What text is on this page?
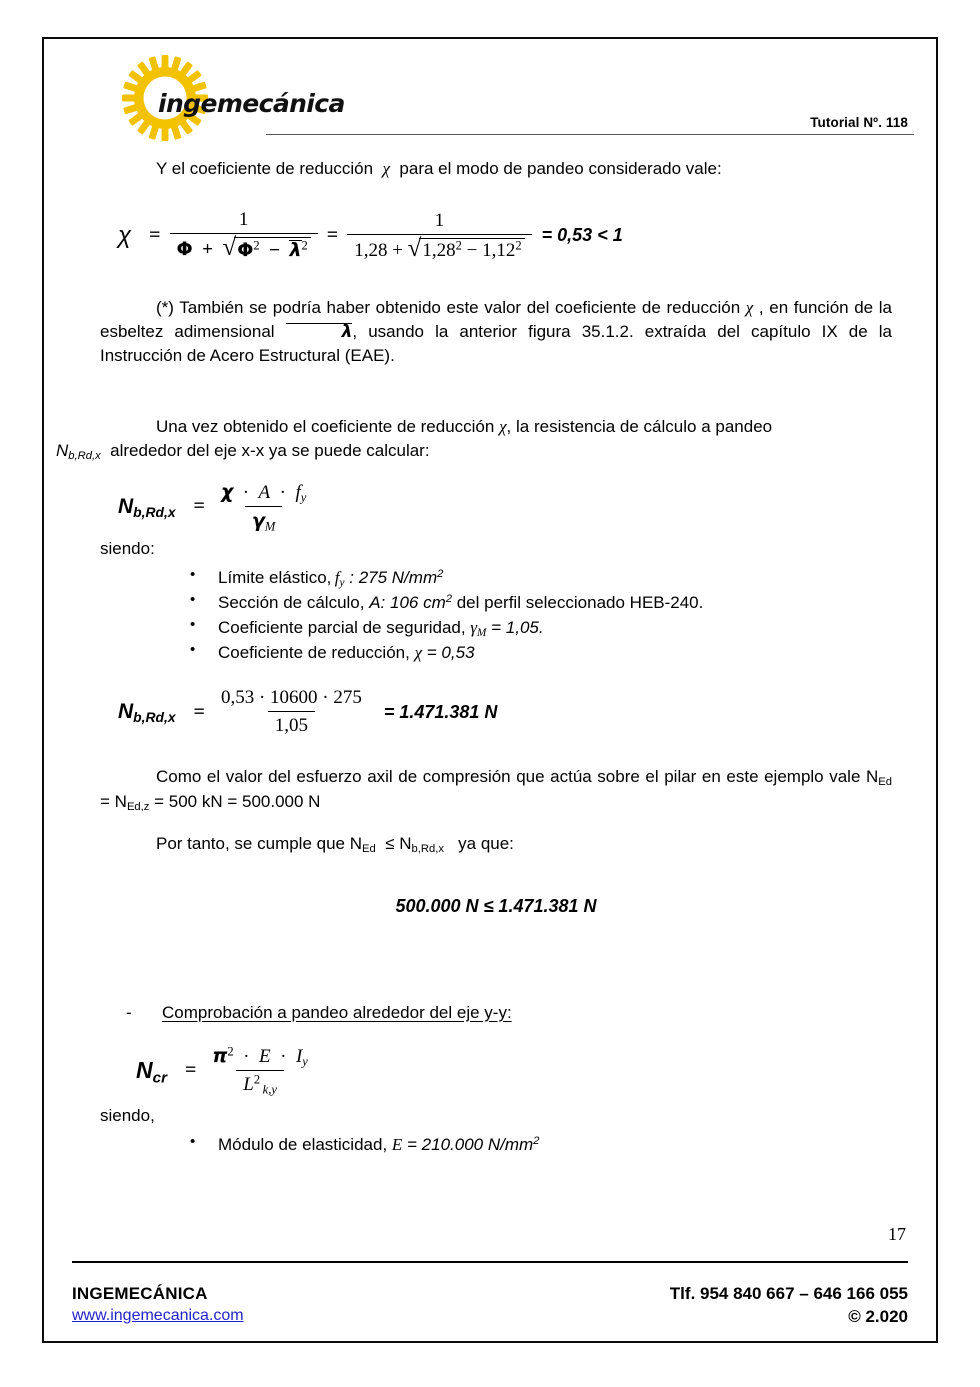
ingemecánica
Tutorial Nº. 118

Y el coeficiente de reducción  χ  para el modo de pandeo considerado vale:

χ =
1
Φ  + √ $\Phi^2 - \lambda^2 = \frac{1}{1,28 + √ 1,28^2 - 1,12^2} = 0,53 < 1$

(*) También se podría haber obtenido este valor del coeficiente de reducción χ , en función de la esbeltez adimensional	λ, usando la anterior figura 35.1.2. extraída del capítulo IX de la Instrucción de Acero Estructural (EAE).

Una vez obtenido el coeficiente de reducción χ, la resistencia de cálculo a pandeo

$N_{b,Rd,x}$  alrededor del eje x-x ya se puede calcular:

$N_{b,Rd,x} = \frac{\chi \cdot A \cdot f_y}{\gamma_M}$

siendo:

• Límite elástico, $f_y$ : 275 $N/mm^2$
• Sección de cálculo, A: 106 $cm^2$ del perfil seleccionado HEB-240.
• Coeficiente parcial de seguridad, $\gamma_M = 1,05$.
• Coeficiente de reducción, χ = 0,53
$N_{b,Rd,x} = \frac{0,53 \cdot 10600 \cdot 275}{1,05} = 1.471.381$ N

Como el valor del esfuerzo axil de compresión que actúa sobre el pilar en este ejemplo vale $N_{Ed} = N_{Ed,z} = 500$ kN = 500.000 N

Por tanto, se cumple que $N_{Ed} \le N_{b,Rd,x}$   ya que:

500.000 N ≤ 1.471.381 N

- Comprobación a pandeo alrededor del eje y-y:
$N_{cr} = \frac{\pi^2 \cdot E \cdot I_y}{L^2 _{k,y}}$

siendo,

• Módulo de elasticidad, E = 210.000 $N/mm^2$
17
INGEMECÁNICA
www.ingemecanica.com
Tlf. 954 840 667 – 646 166 055
© 2.020
